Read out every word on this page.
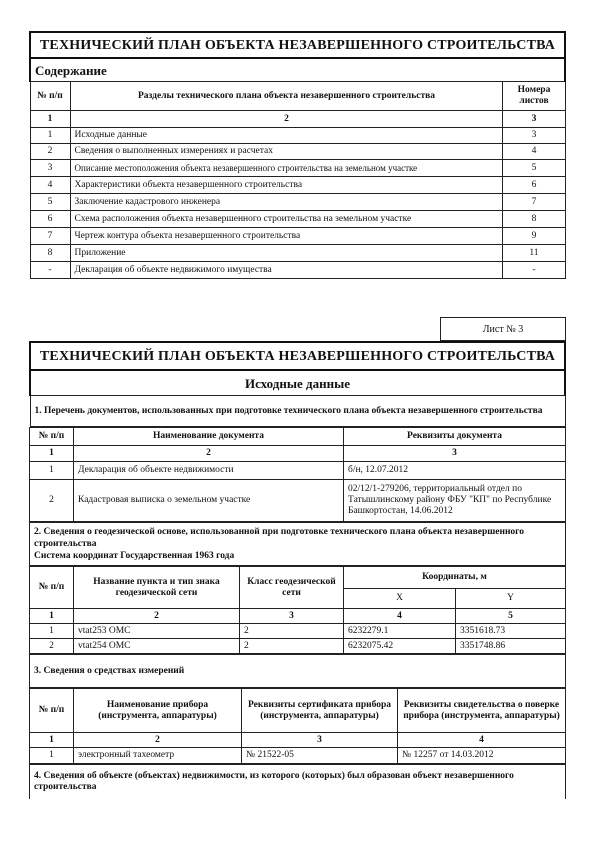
ТЕХНИЧЕСКИЙ ПЛАН ОБЪЕКТА НЕЗАВЕРШЕННОГО СТРОИТЕЛЬСТВА		
Содержание		
№ п/п	Разделы технического плана объекта незавершенного строительства	Номера листов
1	2	3
1	Исходные данные	3
2	Сведения о выполненных измерениях и расчетах	4
3	Описание местоположения объекта незавершенного строительства на земельном участке	5
4	Характеристики объекта незавершенного строительства	6
5	Заключение кадастрового инженера	7
6	Схема расположения объекта незавершенного строительства на земельном участке	8
7	Чертеж контура объекта незавершенного строительства	9
8	Приложение	11
-	Декларация об объекте недвижимого имущества	-
Лист № 3
ТЕХНИЧЕСКИЙ ПЛАН ОБЪЕКТА НЕЗАВЕРШЕННОГО СТРОИТЕЛЬСТВА
Исходные данные
1. Перечень документов, использованных при подготовке технического плана объекта незавершенного строительства
№ п/п	Наименование документа	Реквизиты документа
1	2	3
1	Декларация об объекте недвижимости	б/н, 12.07.2012
2	Кадастровая выписка о земельном участке	02/12/1-279206, территориальный отдел по Татышлинскому району ФБУ "КП" по Республике Башкортостан, 14.06.2012
2. Сведения о геодезической основе, использованной при подготовке технического плана объекта незавершенного строительства
Система координат Государственная 1963 года
№ п/п	Название пункта и тип знака геодезической сети	Класс геодезической сети	Координаты, м	
			X	Y
1	2	3	4	5
1	vtat253 ОМС	2	6232279.1	3351618.73
2	vtat254 ОМС	2	6232075.42	3351748.86
3. Сведения о средствах измерений
№ п/п	Наименование прибора (инструмента, аппаратуры)	Реквизиты сертификата прибора (инструмента, аппаратуры)	Реквизиты свидетельства о поверке прибора (инструмента, аппаратуры)
1	2	3	4
1	электронный тахеометр	№ 21522-05	№ 12257 от 14.03.2012
4. Сведения об объекте (объектах) недвижимости, из которого (которых) был образован объект незавершенного строительства
